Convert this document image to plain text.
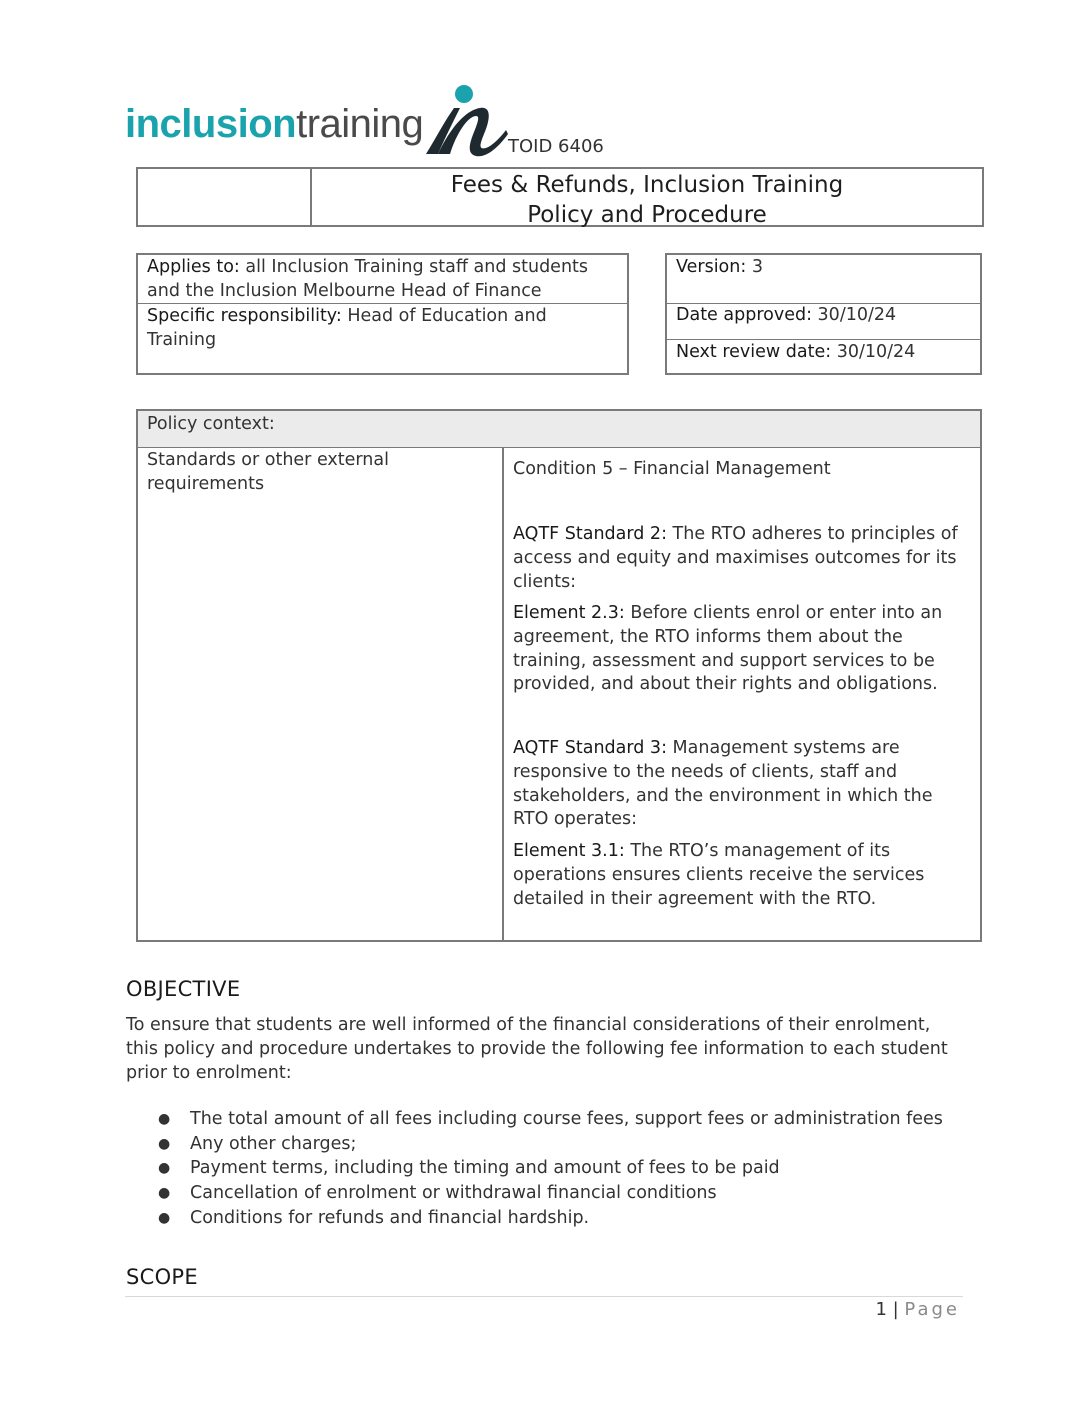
inclusiontraining
TOID 6406
Fees & Refunds, Inclusion Training
Policy and Procedure
Applies to: all Inclusion Training staff and students and the Inclusion Melbourne Head of Finance
Specific responsibility: Head of Education and Training
Version: 3
Date approved: 30/10/24
Next review date: 30/10/24
Policy context:
Standards or other external requirements
Condition 5 – Financial Management
AQTF Standard 2: The RTO adheres to principles of access and equity and maximises outcomes for its clients:
Element 2.3: Before clients enrol or enter into an agreement, the RTO informs them about the training, assessment and support services to be provided, and about their rights and obligations.
AQTF Standard 3: Management systems are responsive to the needs of clients, staff and stakeholders, and the environment in which the RTO operates:
Element 3.1: The RTO’s management of its operations ensures clients receive the services detailed in their agreement with the RTO.
OBJECTIVE
To ensure that students are well informed of the financial considerations of their enrolment, this policy and procedure undertakes to provide the following fee information to each student prior to enrolment:
● The total amount of all fees including course fees, support fees or administration fees
● Any other charges;
● Payment terms, including the timing and amount of fees to be paid
● Cancellation of enrolment or withdrawal financial conditions
● Conditions for refunds and financial hardship.
SCOPE
1 | Page
